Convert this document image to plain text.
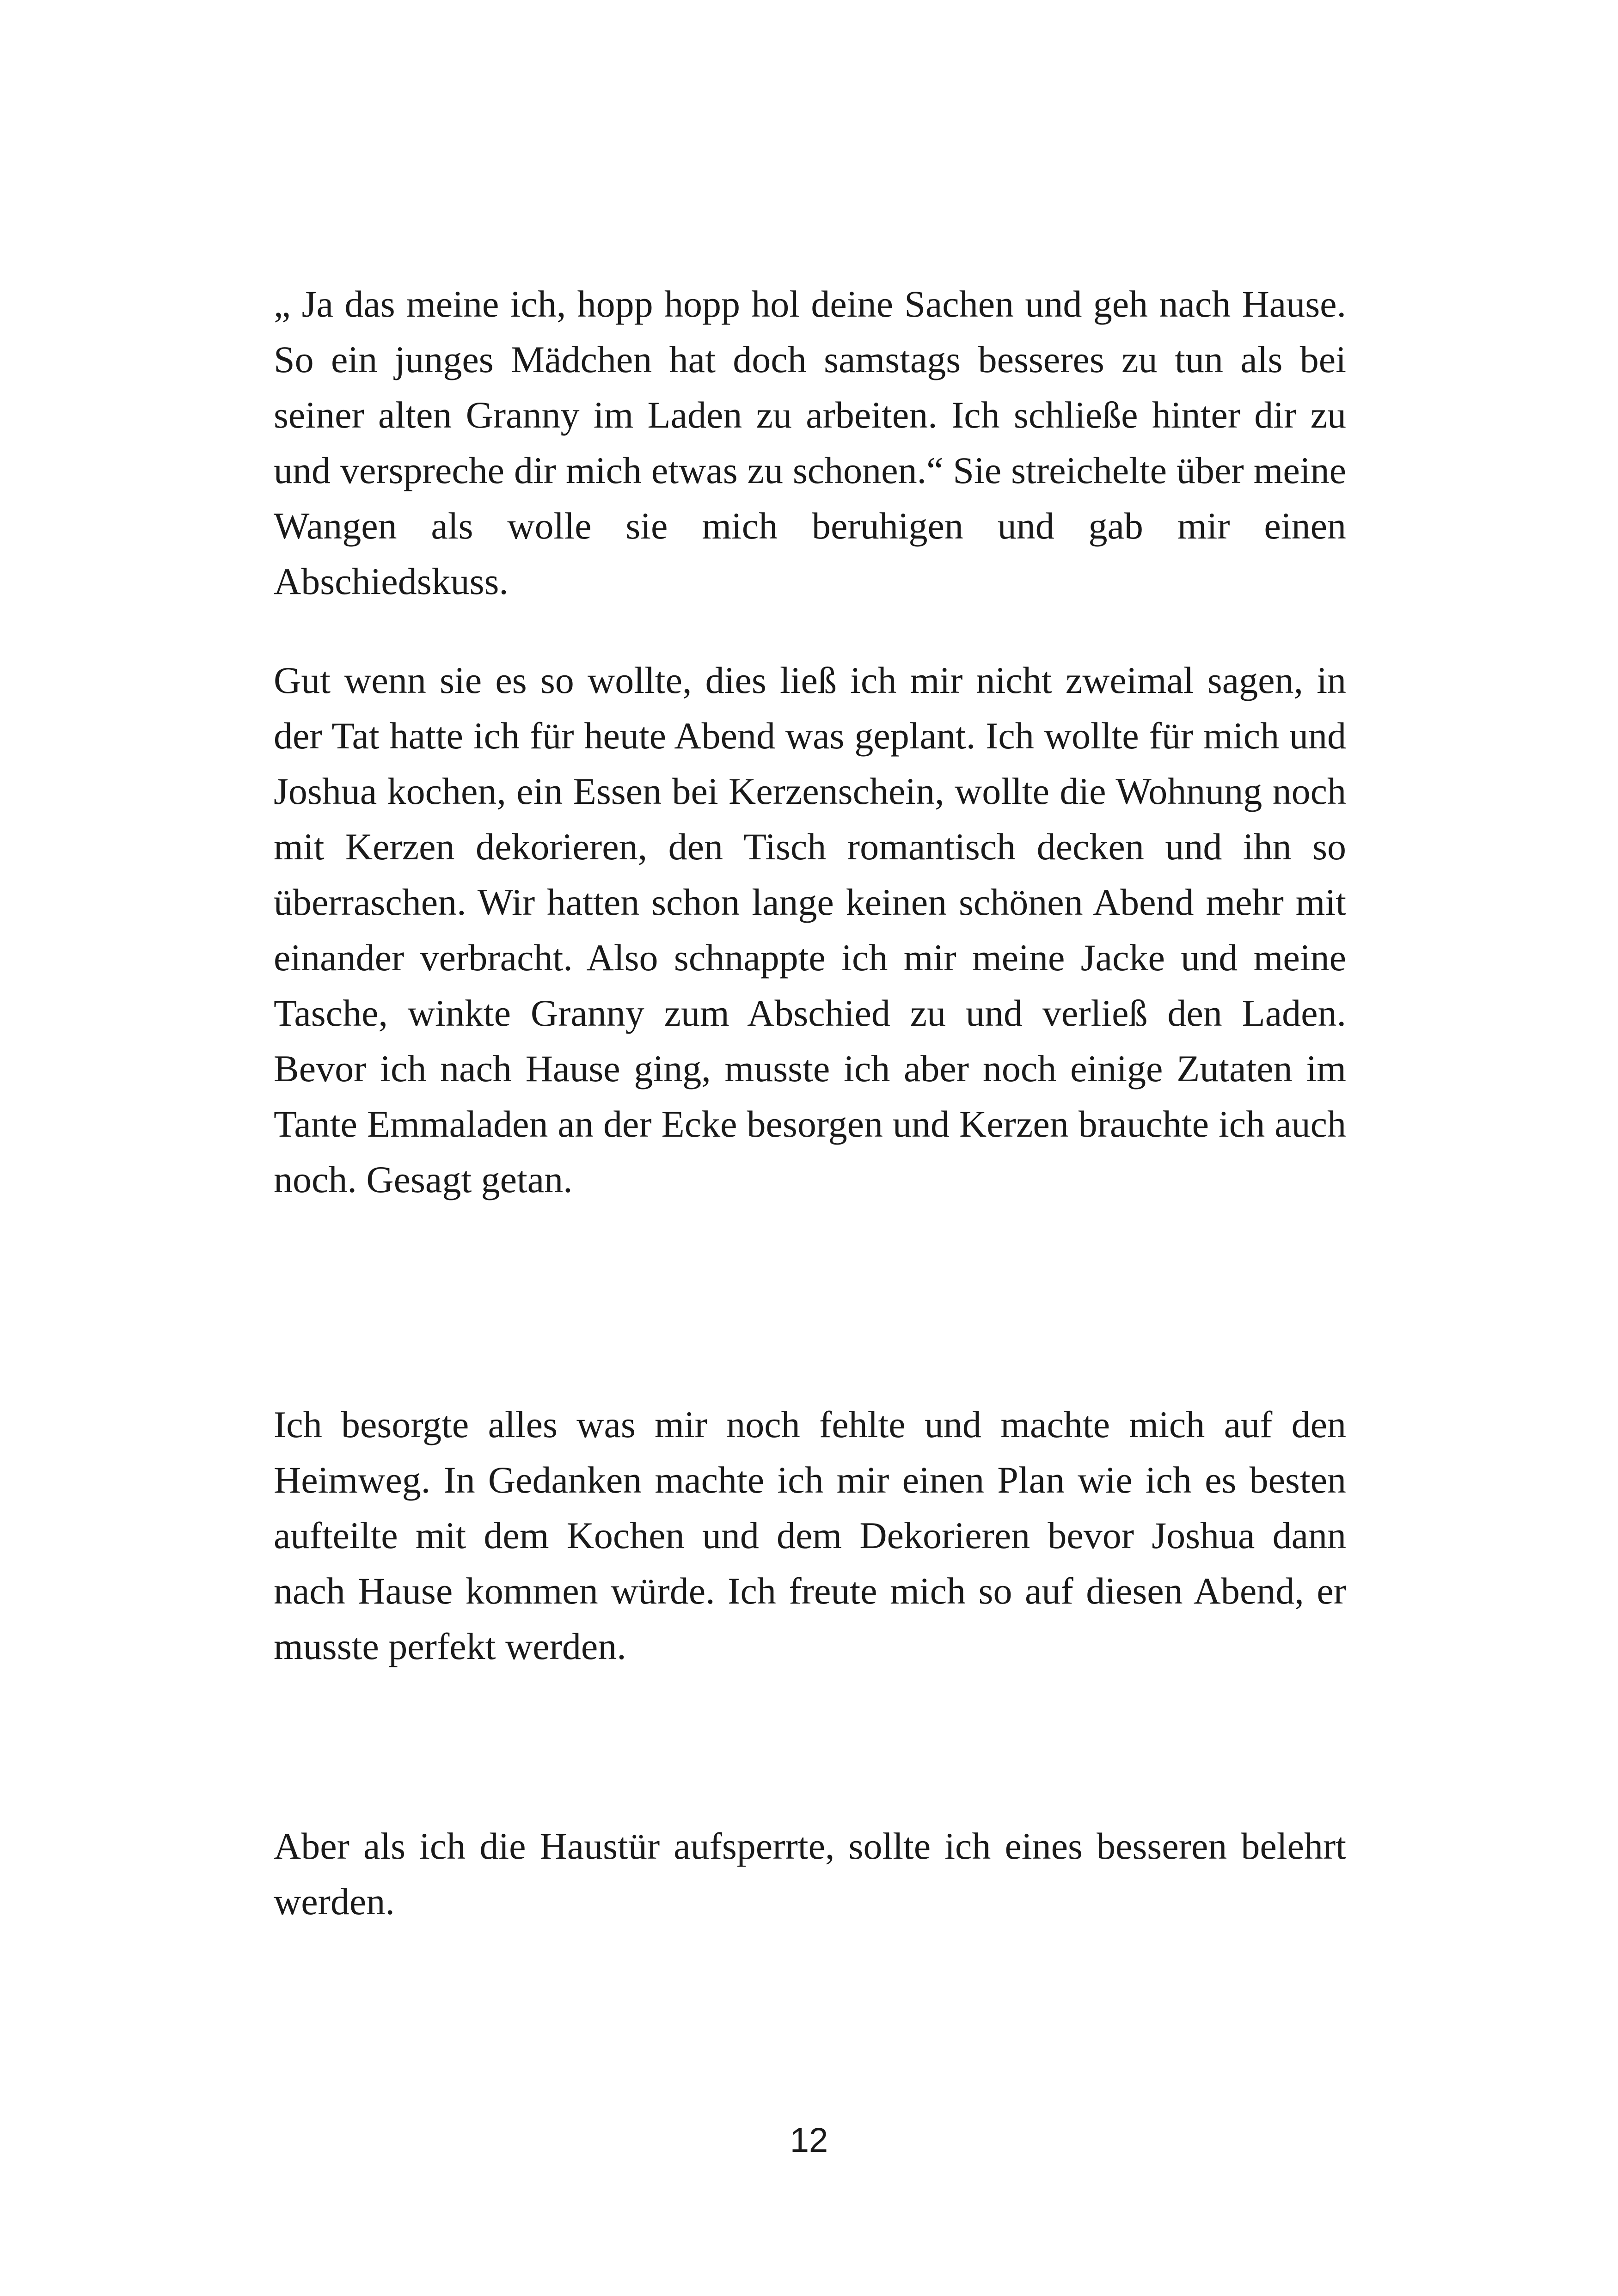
„ Ja das meine ich, hopp hopp hol deine Sachen und geh nach Hause. So ein junges Mädchen hat doch samstags besseres zu tun als bei seiner alten Granny im Laden zu arbeiten. Ich schließe hinter dir zu und verspreche dir mich etwas zu schonen.“ Sie streichelte über meine Wangen als wolle sie mich beruhigen und gab mir einen Abschiedskuss.

Gut wenn sie es so wollte, dies ließ ich mir nicht zweimal sagen, in der Tat hatte ich für heute Abend was geplant. Ich wollte für mich und Joshua kochen, ein Essen bei Kerzenschein, wollte die Wohnung noch mit Kerzen dekorieren, den Tisch romantisch decken und ihn so überraschen. Wir hatten schon lange keinen schönen Abend mehr mit einander verbracht. Also schnappte ich mir meine Jacke und meine Tasche, winkte Granny zum Abschied zu und verließ den Laden. Bevor ich nach Hause ging, musste ich aber noch einige Zutaten im Tante Emmaladen an der Ecke besorgen und Kerzen brauchte ich auch noch. Gesagt getan.

Ich besorgte alles was mir noch fehlte und machte mich auf den Heimweg. In Gedanken machte ich mir einen Plan wie ich es besten aufteilte mit dem Kochen und dem Dekorieren bevor Joshua dann nach Hause kommen würde. Ich freute mich so auf diesen Abend, er musste perfekt werden.

Aber als ich die Haustür aufsperrte, sollte ich eines besseren belehrt werden.

12
